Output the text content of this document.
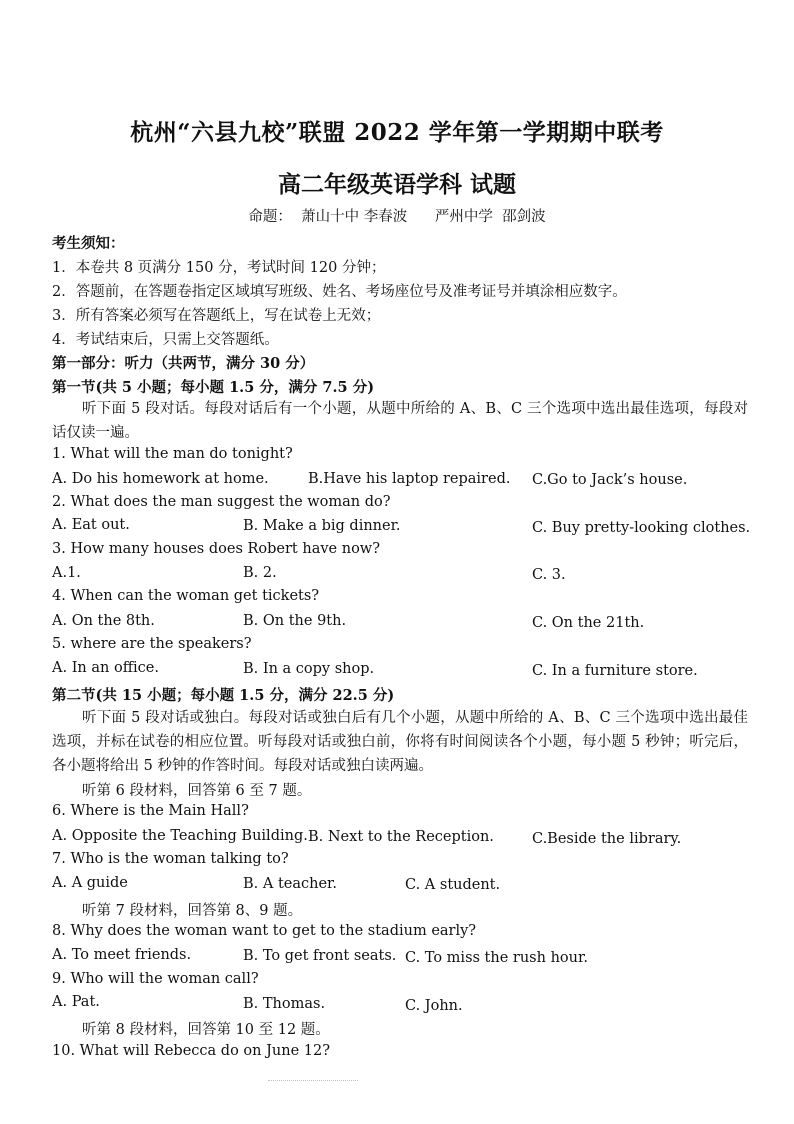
杭州“六县九校”联盟 2022 学年第一学期期中联考
高二年级英语学科 试题
命题：  萧山十中 李春波      严州中学  邵剑波
考生须知：
1．本卷共 8 页满分 150 分，考试时间 120 分钟；
2．答题前，在答题卷指定区域填写班级、姓名、考场座位号及准考证号并填涂相应数字。
3．所有答案必须写在答题纸上，写在试卷上无效；
4．考试结束后，只需上交答题纸。
第一部分：听力（共两节，满分 30 分）
第一节(共 5 小题；每小题 1.5 分，满分 7.5 分)
听下面 5 段对话。每段对话后有一个小题，从题中所给的 A、B、C 三个选项中选出最佳选项，每段对话仅读一遍。
1. What will the man do tonight?
A. Do his homework at home.	B.Have his laptop repaired. C.Go to Jack’s house.
2. What does the man suggest the woman do?
A. Eat out.	B. Make a big dinner.	C. Buy pretty-looking clothes.
3. How many houses does Robert have now?
A.1.	B. 2.	C. 3.
4. When can the woman get tickets?
A. On the 8th.	B. On the 9th.	C. On the 21th.
5. where are the speakers?
A. In an office.	B. In a copy shop.	C. In a furniture store.
第二节(共 15 小题；每小题 1.5 分，满分 22.5 分)
听下面 5 段对话或独白。每段对话或独白后有几个小题，从题中所给的 A、B、C 三个选项中选出最佳选项，并标在试卷的相应位置。听每段对话或独白前，你将有时间阅读各个小题，每小题 5 秒钟；听完后，各小题将给出 5 秒钟的作答时间。每段对话或独白读两遍。
听第 6 段材料，回答第 6 至 7 题。
6. Where is the Main Hall?
A. Opposite the Teaching Building. B. Next to the Reception.	C.Beside the library.
7. Who is the woman talking to?
A. A guide	B. A teacher.	C. A student.
听第 7 段材料，回答第 8、9 题。
8. Why does the woman want to get to the stadium early?
A. To meet friends.	B. To get front seats. C. To miss the rush hour.
9. Who will the woman call?
A. Pat.	B. Thomas.	C. John.
听第 8 段材料，回答第 10 至 12 题。
10. What will Rebecca do on June 12?
